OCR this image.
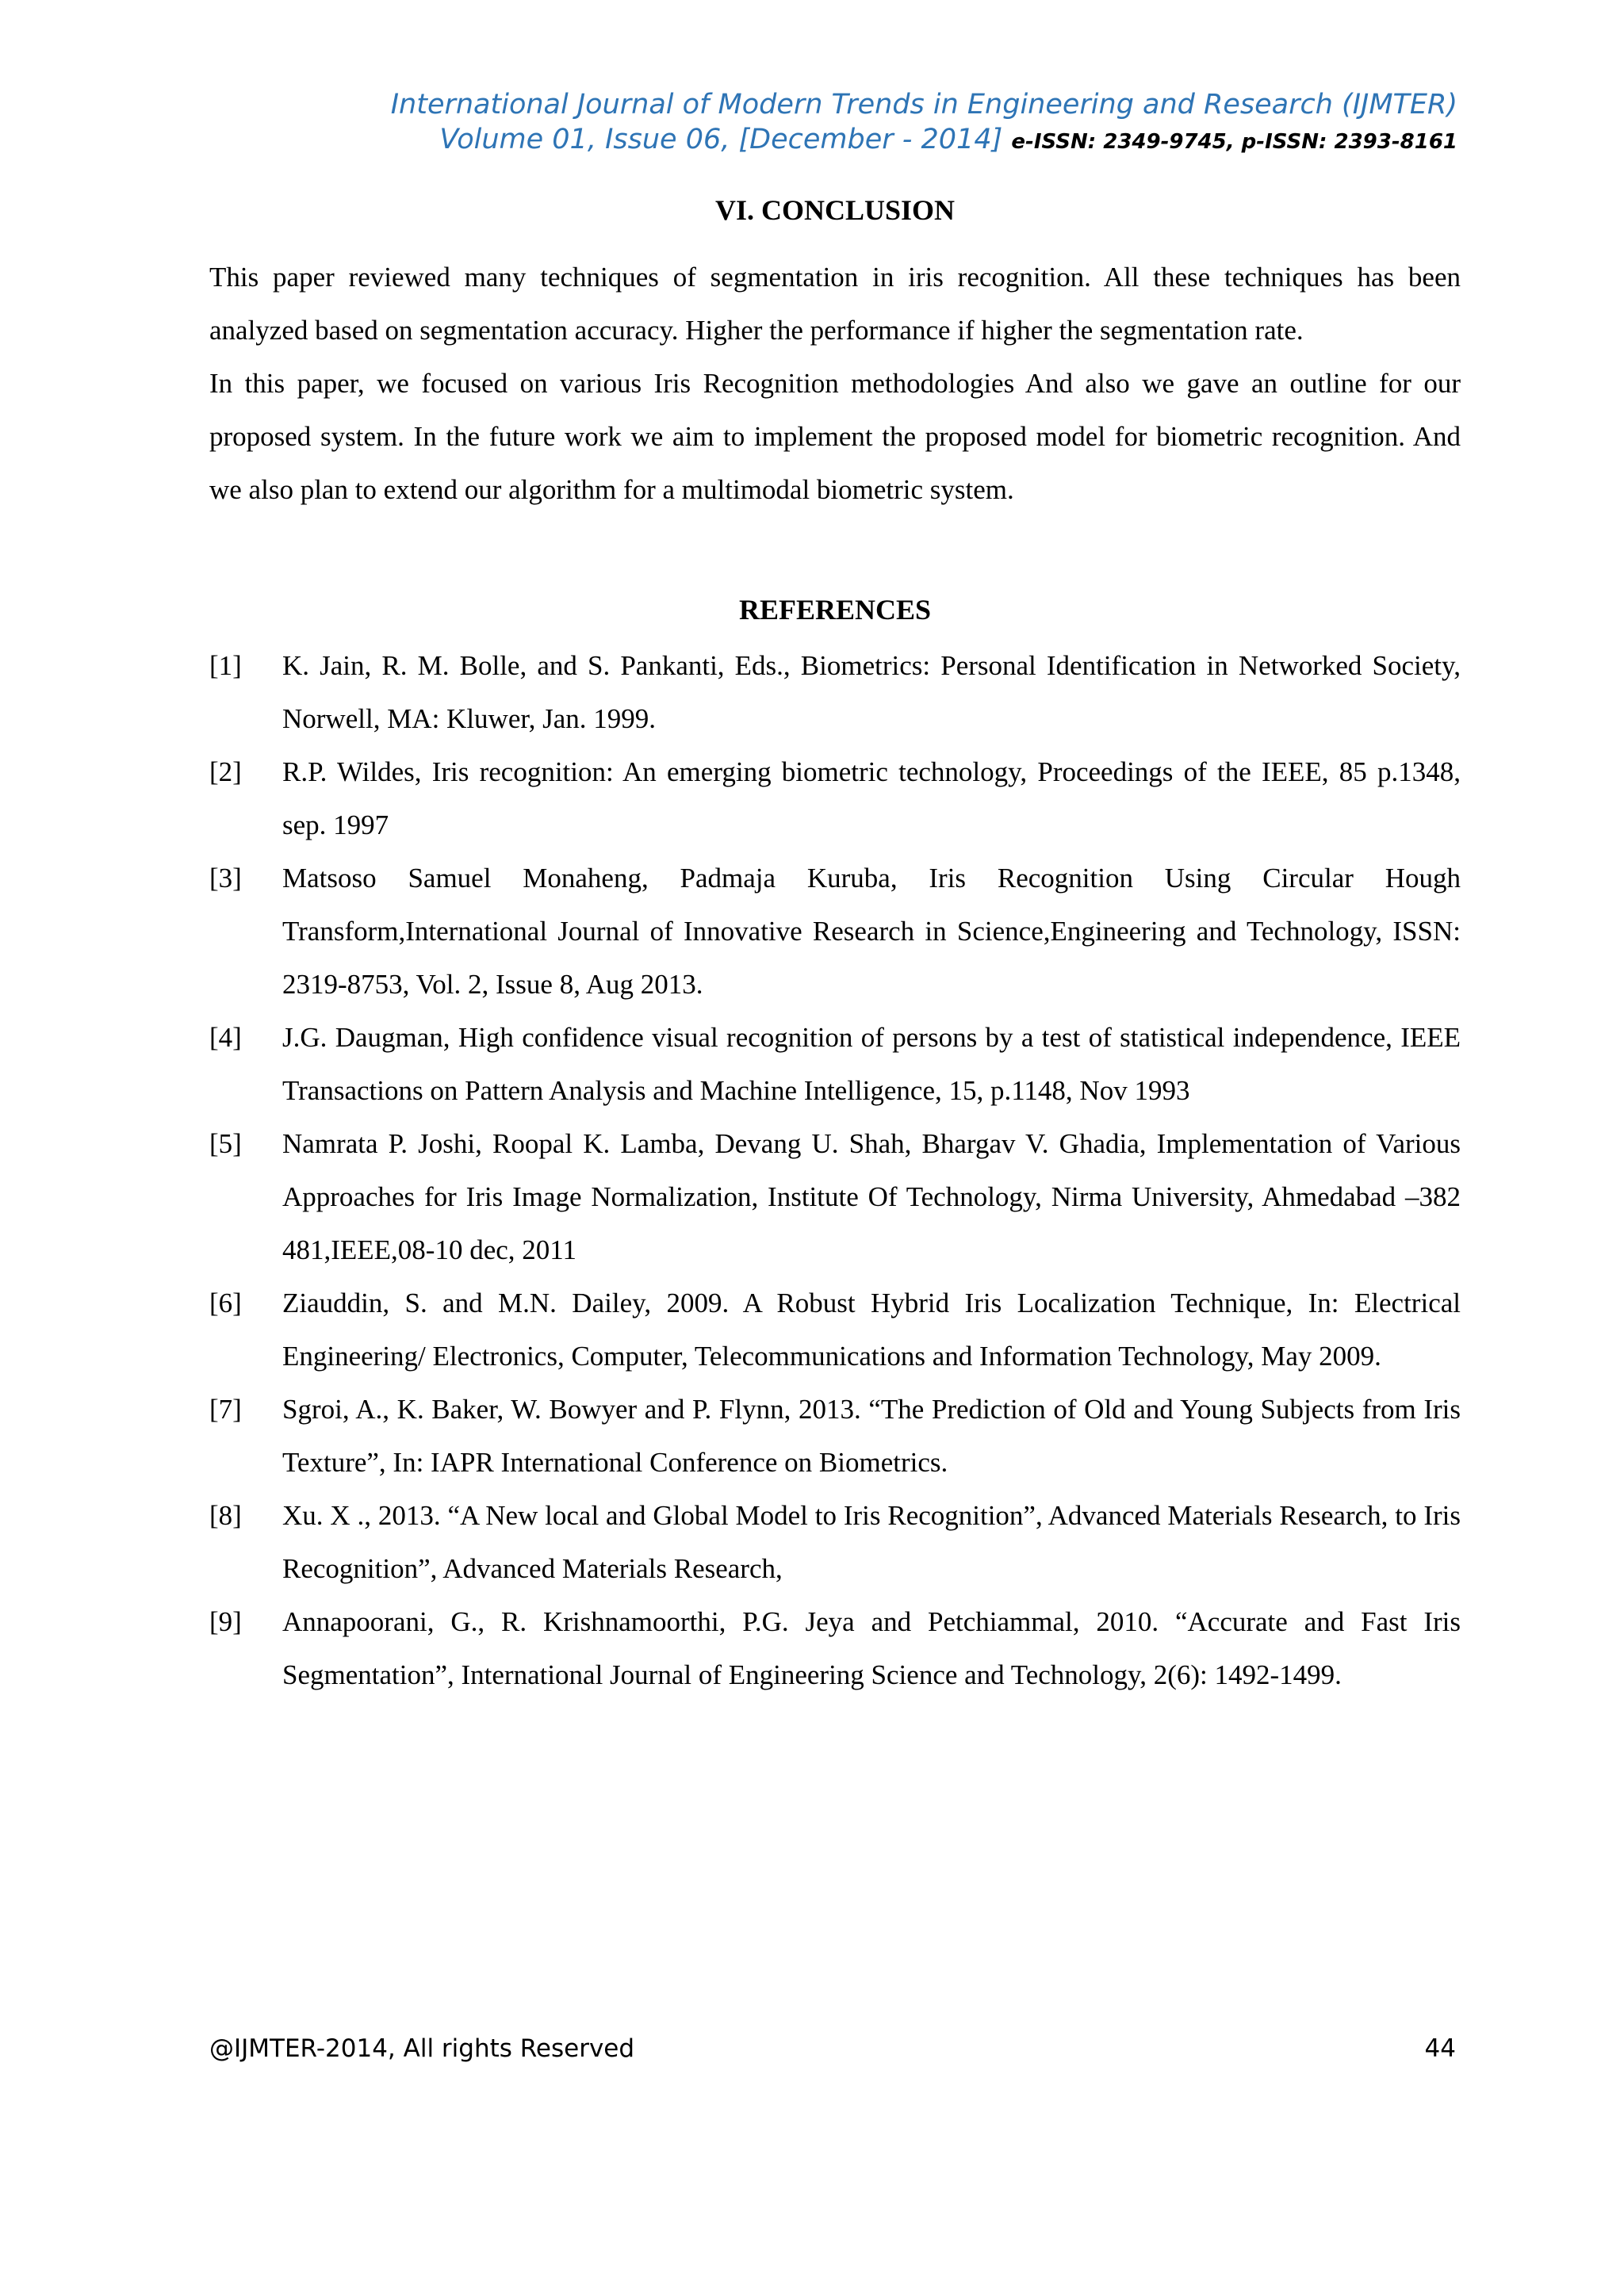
International Journal of Modern Trends in Engineering and Research (IJMTER)
Volume 01, Issue 06, [December - 2014] e-ISSN: 2349-9745, p-ISSN: 2393-8161
VI. CONCLUSION

This paper reviewed many techniques of segmentation in iris recognition. All these techniques has been analyzed based on segmentation accuracy. Higher the performance if higher the segmentation rate.

In this paper, we focused on various Iris Recognition methodologies And also we gave an outline for our proposed system. In the future work we aim to implement the proposed model for biometric recognition. And we also plan to extend our algorithm for a multimodal biometric system.

REFERENCES
[1] K. Jain, R. M. Bolle, and S. Pankanti, Eds., Biometrics: Personal Identification in Networked Society, Norwell, MA: Kluwer, Jan. 1999.
[2] R.P. Wildes, Iris recognition: An emerging biometric technology, Proceedings of the IEEE, 85 p.1348, sep. 1997
[3] Matsoso Samuel Monaheng, Padmaja Kuruba, Iris Recognition Using Circular Hough Transform,International Journal of Innovative Research in Science,Engineering and Technology, ISSN: 2319-8753, Vol. 2, Issue 8, Aug 2013.
[4] J.G. Daugman, High confidence visual recognition of persons by a test of statistical independence, IEEE Transactions on Pattern Analysis and Machine Intelligence, 15, p.1148, Nov 1993
[5] Namrata P. Joshi, Roopal K. Lamba, Devang U. Shah, Bhargav V. Ghadia, Implementation of Various Approaches for Iris Image Normalization, Institute Of Technology, Nirma University, Ahmedabad –382 481,IEEE,08-10 dec, 2011
[6] Ziauddin, S. and M.N. Dailey, 2009. A Robust Hybrid Iris Localization Technique, In: Electrical Engineering/ Electronics, Computer, Telecommunications and Information Technology, May 2009.
[7] Sgroi, A., K. Baker, W. Bowyer and P. Flynn, 2013. “The Prediction of Old and Young Subjects from Iris Texture”, In: IAPR International Conference on Biometrics.
[8] Xu. X ., 2013. “A New local and Global Model to Iris Recognition”, Advanced Materials Research, to Iris Recognition”, Advanced Materials Research,
[9] Annapoorani, G., R. Krishnamoorthi, P.G. Jeya and Petchiammal, 2010. “Accurate and Fast Iris Segmentation”, International Journal of Engineering Science and Technology, 2(6): 1492-1499.
@IJMTER-2014, All rights Reserved	44
